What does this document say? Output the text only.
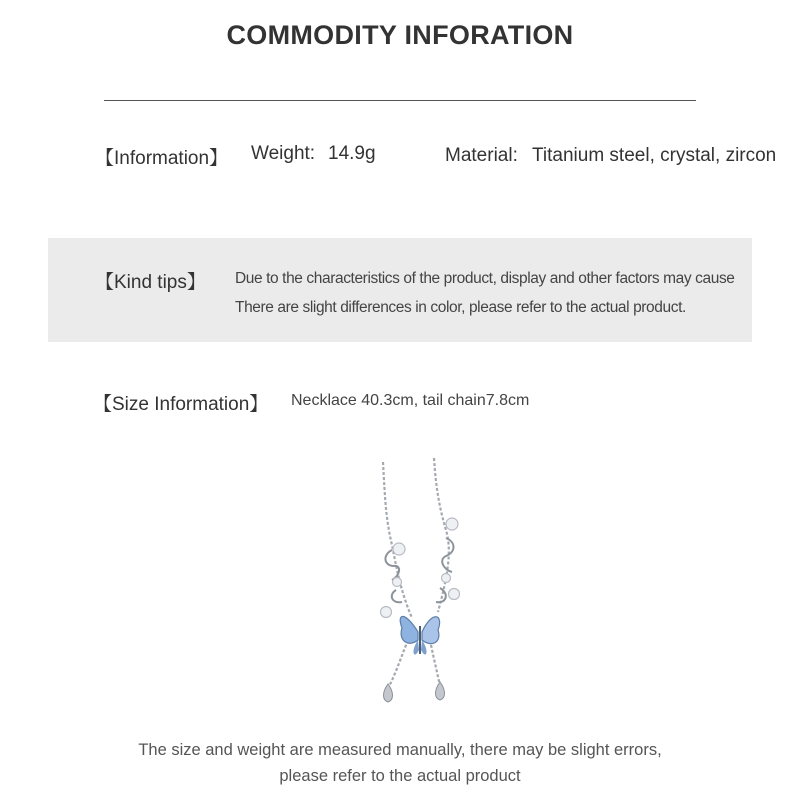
COMMODITY INFORATION
【Information】 Weight: 14.9g	Material: Titanium steel, crystal, zircon
【Kind tips】 Due to the characteristics of the product, display and other factors may cause
There are slight differences in color, please refer to the actual product.
【Size Information】 Necklace 40.3cm, tail chain7.8cm
The size and weight are measured manually, there may be slight errors,
please refer to the actual product
